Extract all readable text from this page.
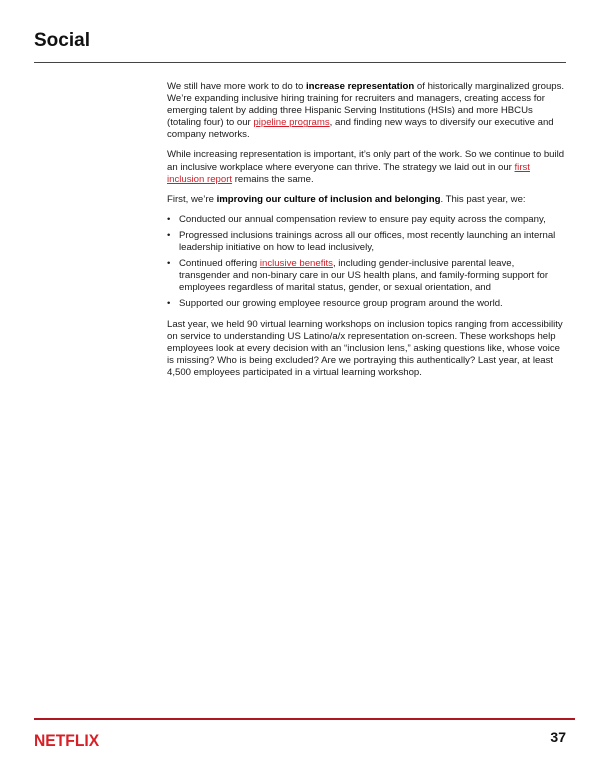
Social

We still have more work to do to increase representation of historically marginalized groups. We’re expanding inclusive hiring training for recruiters and managers, creating access for emerging talent by adding three Hispanic Serving Institutions (HSIs) and more HBCUs (totaling four) to our pipeline programs, and finding new ways to diversify our executive and company networks.

While increasing representation is important, it’s only part of the work. So we continue to build an inclusive workplace where everyone can thrive. The strategy we laid out in our first inclusion report remains the same.

First, we’re improving our culture of inclusion and belonging. This past year, we:

• Conducted our annual compensation review to ensure pay equity across the company,
• Progressed inclusions trainings across all our offices, most recently launching an internal leadership initiative on how to lead inclusively,
• Continued offering inclusive benefits, including gender-inclusive parental leave, transgender and non-binary care in our US health plans, and family-forming support for employees regardless of marital status, gender, or sexual orientation, and
• Supported our growing employee resource group program around the world.

Last year, we held 90 virtual learning workshops on inclusion topics ranging from accessibility on service to understanding US Latino/a/x representation on-screen. These workshops help employees look at every decision with an “inclusion lens,” asking questions like, whose voice is missing? Who is being excluded? Are we portraying this authentically? Last year, at least 4,500 employees participated in a virtual learning workshop.

NETFLIX	37
